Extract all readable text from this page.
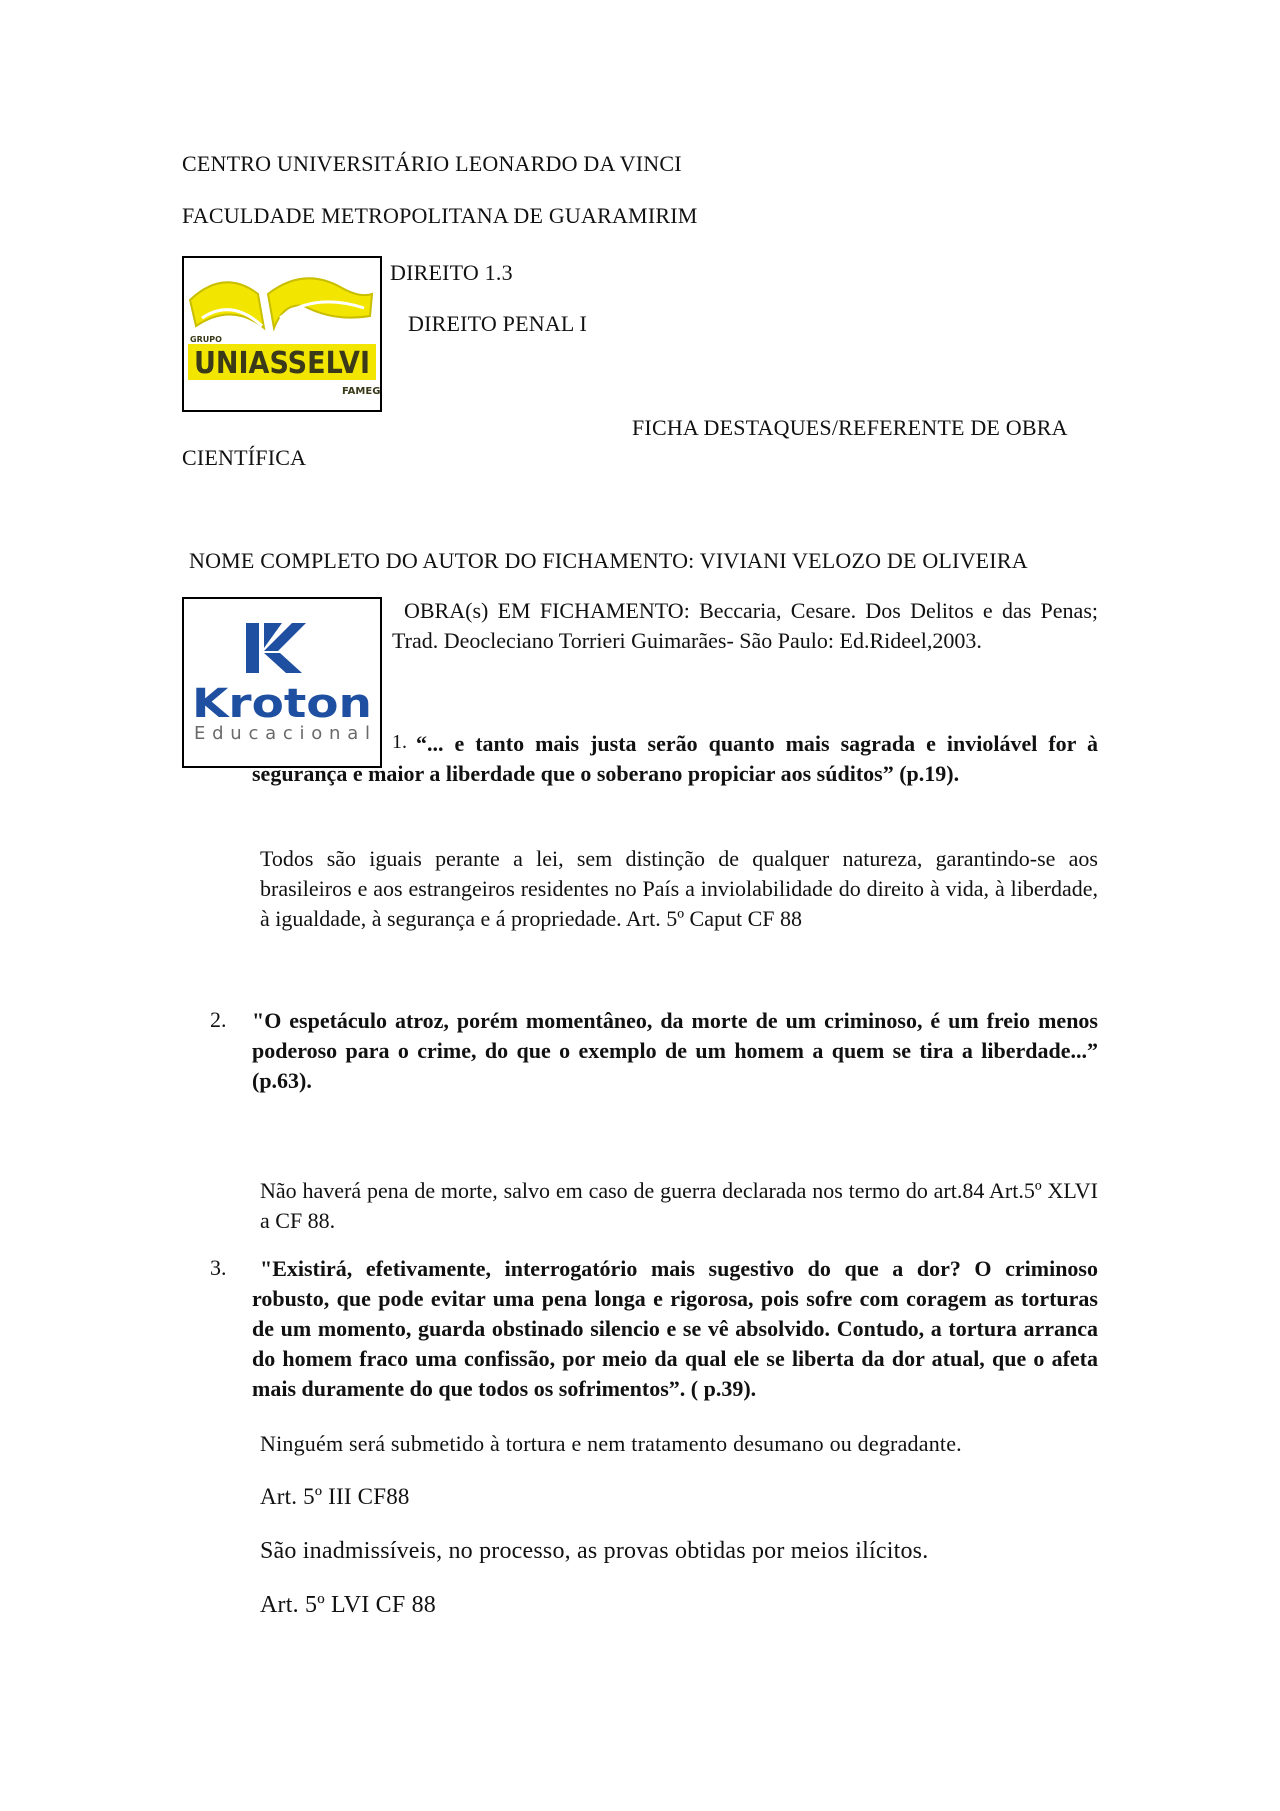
CENTRO UNIVERSITÁRIO LEONARDO DA VINCI
FACULDADE METROPOLITANA DE GUARAMIRIM
GRUPO
UNIASSELVI
FAMEG
DIREITO 1.3
DIREITO PENAL I
FICHA DESTAQUES/REFERENTE DE OBRA
CIENTÍFICA
NOME COMPLETO DO AUTOR DO FICHAMENTO: VIVIANI VELOZO DE OLIVEIRA
Kroton
Educacional
OBRA(s) EM FICHAMENTO: Beccaria, Cesare. Dos Delitos e das Penas; Trad. Deocleciano Torrieri Guimarães- São Paulo: Ed.Rideel,2003.
1. “... e tanto mais justa serão quanto mais sagrada e inviolável for à segurança e maior a liberdade que o soberano propiciar aos súditos” (p.19).
Todos são iguais perante a lei, sem distinção de qualquer natureza, garantindo-se aos brasileiros e aos estrangeiros residentes no País a inviolabilidade do direito à vida, à liberdade, à igualdade, à segurança e á propriedade. Art. 5º Caput CF 88
2. "O espetáculo atroz, porém momentâneo, da morte de um criminoso, é um freio menos poderoso para o crime, do que o exemplo de um homem a quem se tira a liberdade...” (p.63).
Não haverá pena de morte, salvo em caso de guerra declarada nos termo do art.84 Art.5º XLVI a CF 88.
3.	"Existirá, efetivamente, interrogatório mais sugestivo do que a dor? O criminoso robusto, que pode evitar uma pena longa e rigorosa, pois sofre com coragem as torturas de um momento, guarda obstinado silencio e se vê absolvido. Contudo, a tortura arranca do homem fraco uma confissão, por meio da qual ele se liberta da dor atual, que o afeta mais duramente do que todos os sofrimentos”. ( p.39).
Ninguém será submetido à tortura e nem tratamento desumano ou degradante.
Art. 5º III CF88
São inadmissíveis, no processo, as provas obtidas por meios ilícitos.
Art. 5º LVI CF 88
